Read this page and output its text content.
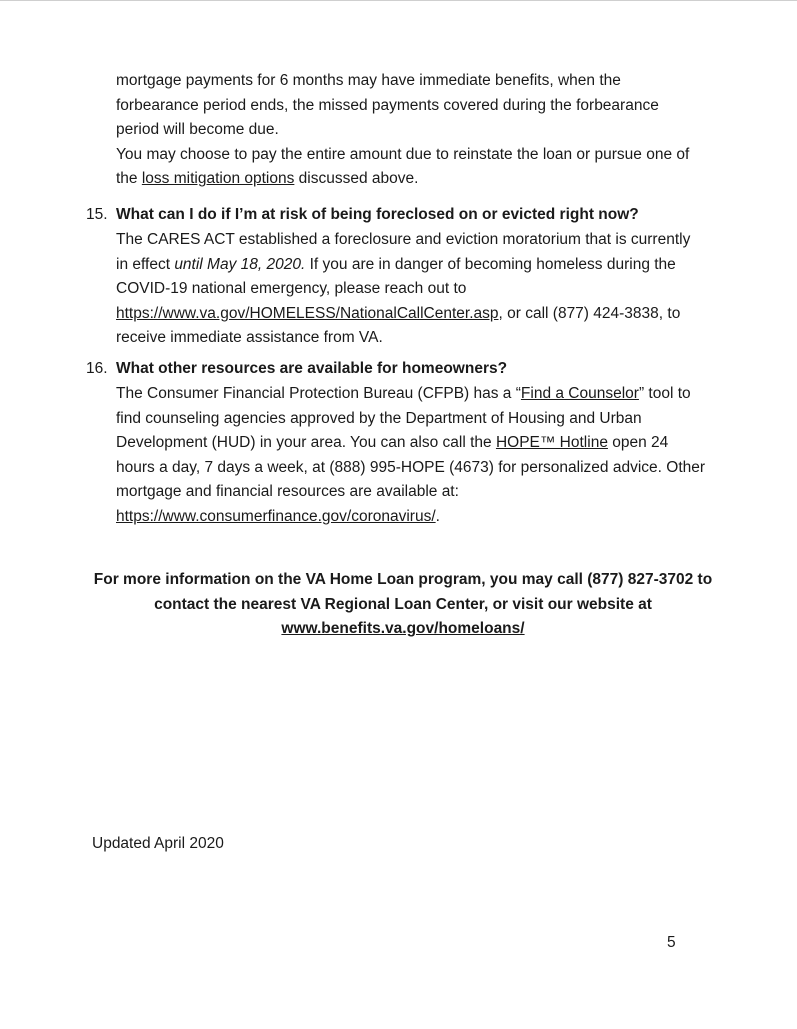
mortgage payments for 6 months may have immediate benefits, when the
forbearance period ends, the missed payments covered during the forbearance
period will become due.
You may choose to pay the entire amount due to reinstate the loan or pursue one of
the loss mitigation options discussed above.
15. What can I do if I’m at risk of being foreclosed on or evicted right now?
The CARES ACT established a foreclosure and eviction moratorium that is currently
in effect until May 18, 2020. If you are in danger of becoming homeless during the
COVID-19 national emergency, please reach out to
https://www.va.gov/HOMELESS/NationalCallCenter.asp, or call (877) 424-3838, to
receive immediate assistance from VA.
16. What other resources are available for homeowners?
The Consumer Financial Protection Bureau (CFPB) has a “Find a Counselor” tool to
find counseling agencies approved by the Department of Housing and Urban
Development (HUD) in your area. You can also call the HOPE™ Hotline open 24
hours a day, 7 days a week, at (888) 995-HOPE (4673) for personalized advice. Other
mortgage and financial resources are available at:
https://www.consumerfinance.gov/coronavirus/.
For more information on the VA Home Loan program, you may call (877) 827-3702 to
contact the nearest VA Regional Loan Center, or visit our website at
www.benefits.va.gov/homeloans/
Updated April 2020
5
